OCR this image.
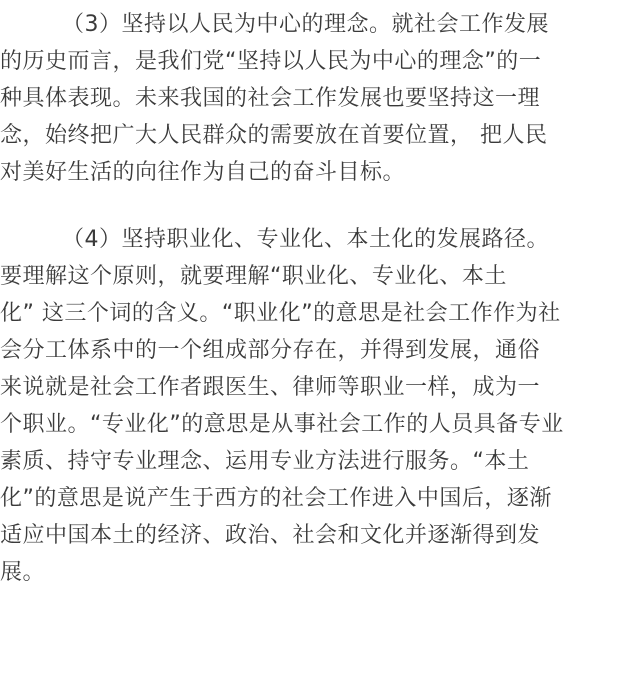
（3）坚持以人民为中心的理念。就社会工作发展
的历史而言，是我们党“坚持以人民为中心的理念”的一
种具体表现。未来我国的社会工作发展也要坚持这一理
念，始终把广大人民群众的需要放在首要位置， 把人民
对美好生活的向往作为自己的奋斗目标。
（4）坚持职业化、专业化、本土化的发展路径。
要理解这个原则，就要理解“职业化、专业化、本土
化” 这三个词的含义。“职业化”的意思是社会工作作为社
会分工体系中的一个组成部分存在，并得到发展，通俗
来说就是社会工作者跟医生、律师等职业一样，成为一
个职业。“专业化”的意思是从事社会工作的人员具备专业
素质、持守专业理念、运用专业方法进行服务。“本土
化”的意思是说产生于西方的社会工作进入中国后，逐渐
适应中国本土的经济、政治、社会和文化并逐渐得到发
展。
